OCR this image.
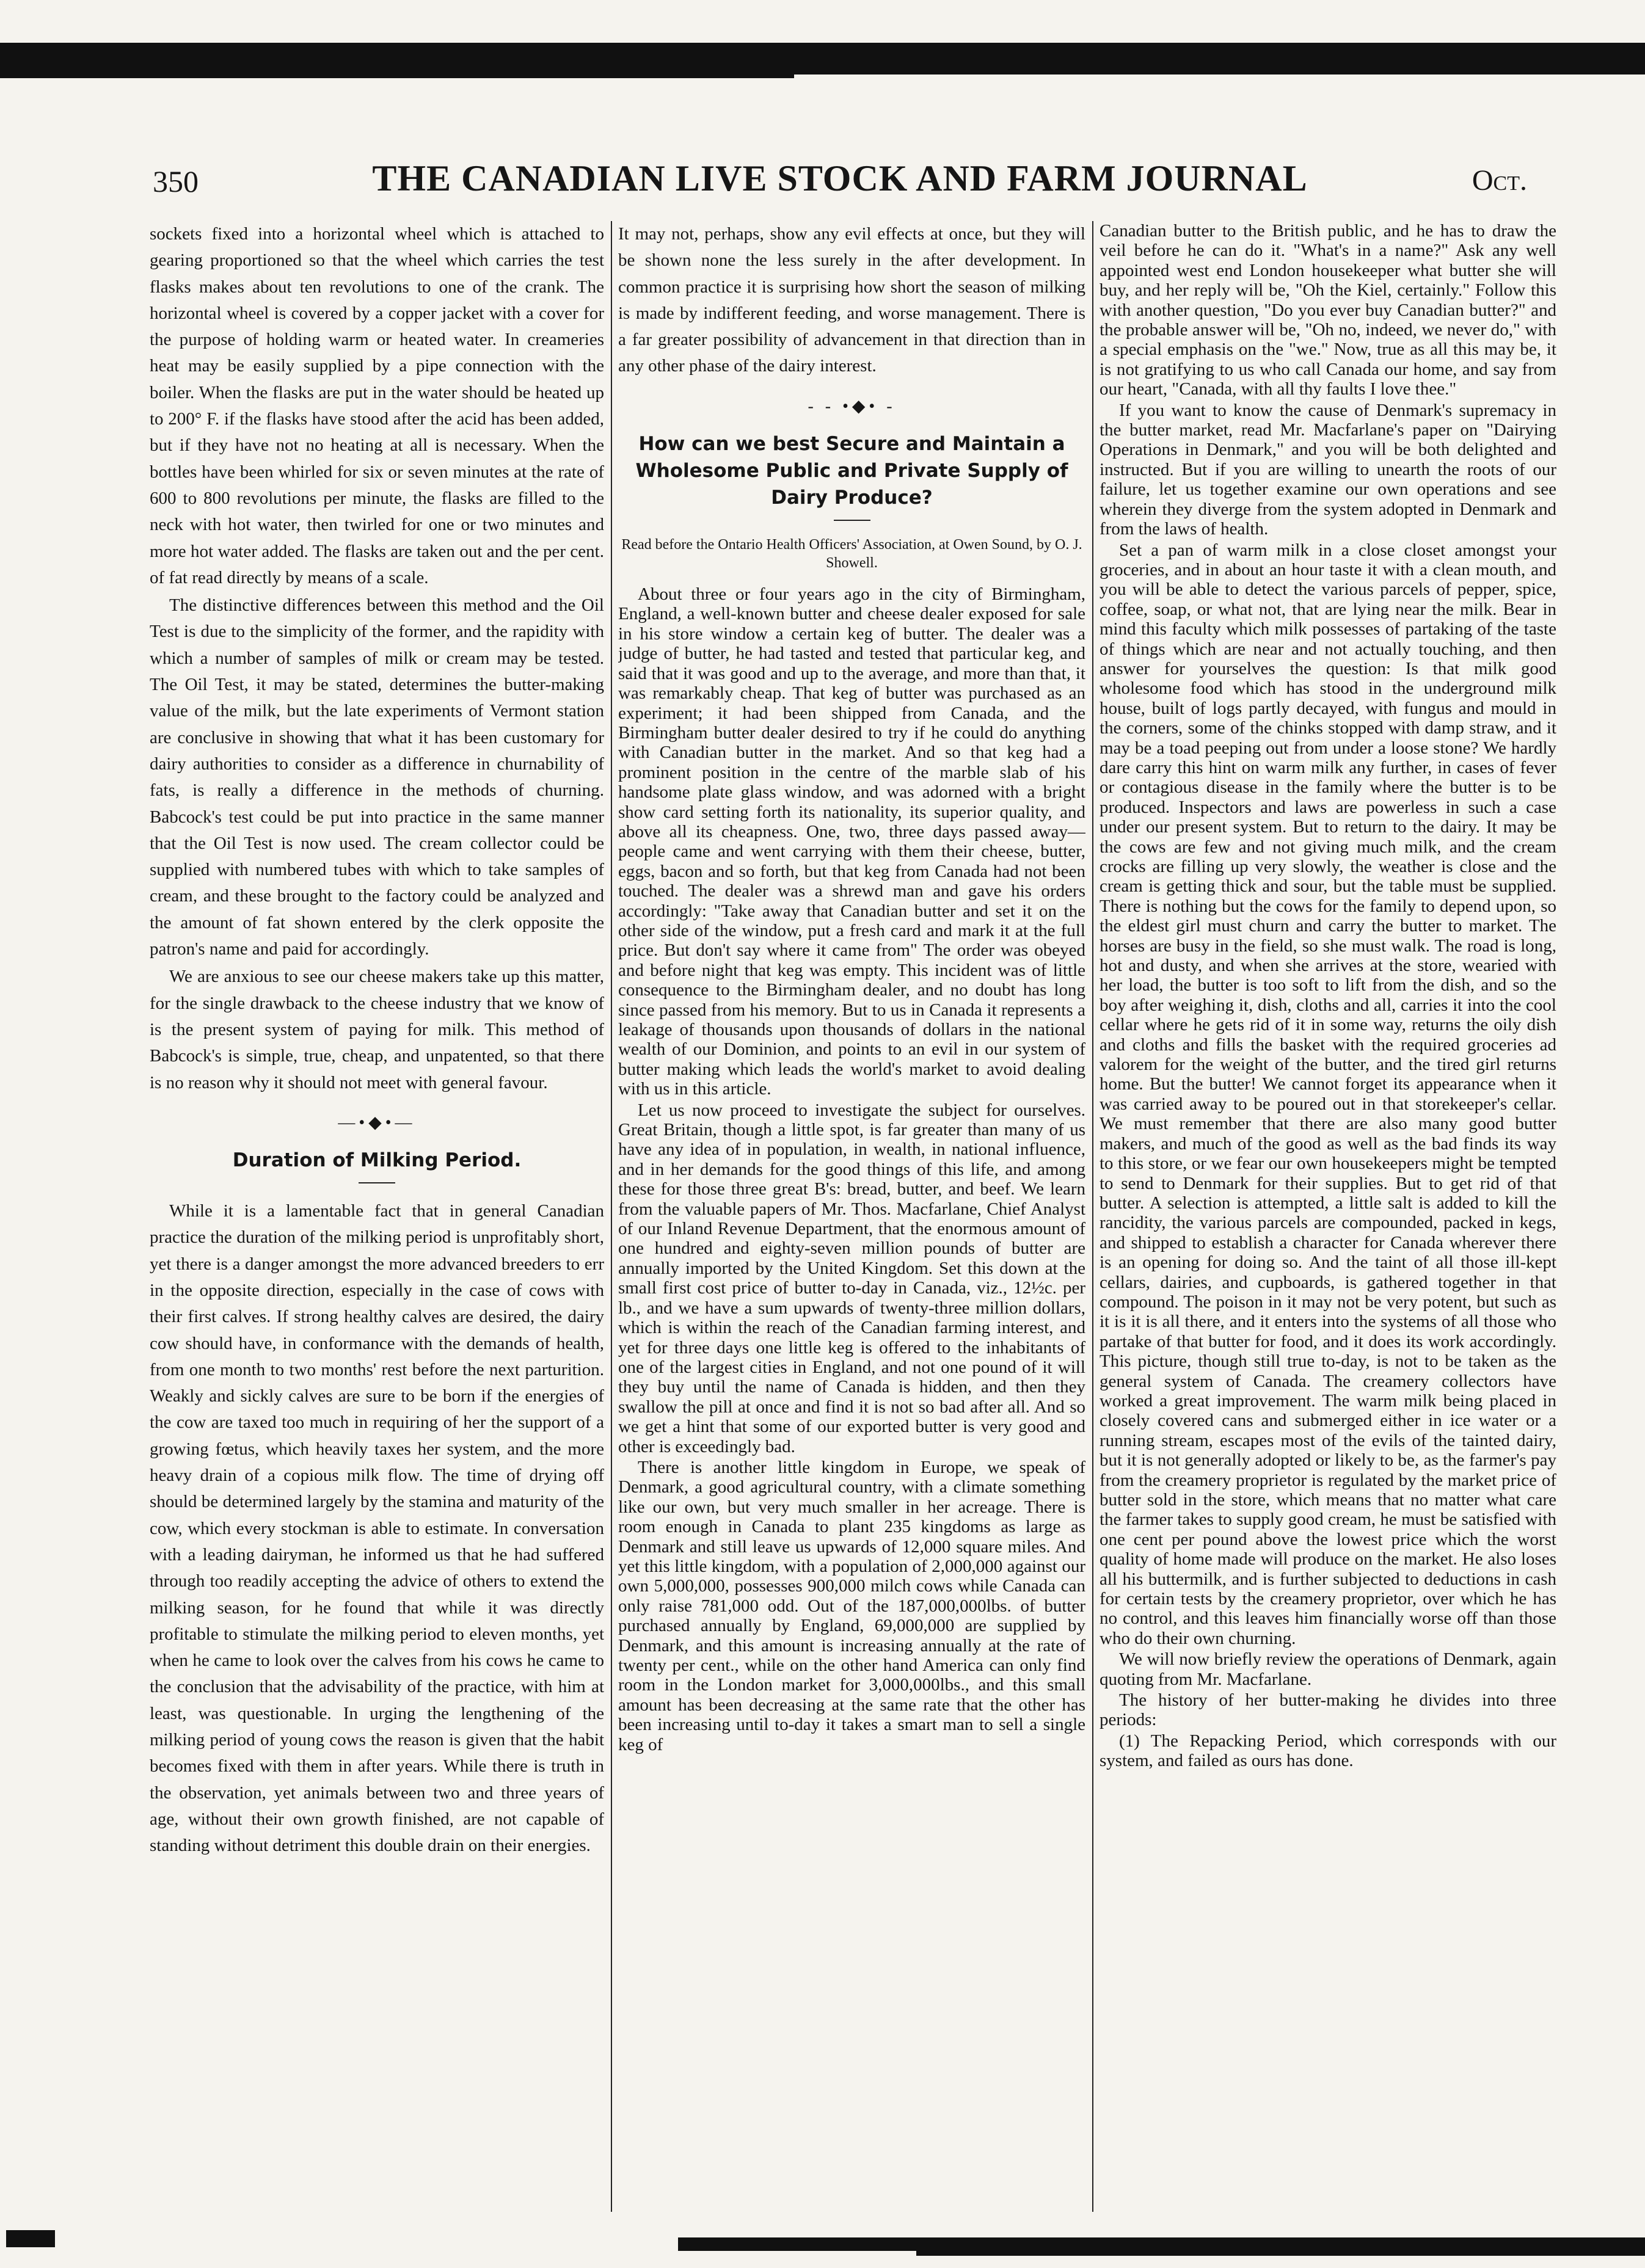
350	THE CANADIAN LIVE STOCK AND FARM JOURNAL	Oct.

sockets fixed into a horizontal wheel which is attached to gearing proportioned so that the wheel which carries the test flasks makes about ten revolutions to one of the crank. The horizontal wheel is covered by a copper jacket with a cover for the purpose of holding warm or heated water. In creameries heat may be easily supplied by a pipe connection with the boiler. When the flasks are put in the water should be heated up to 200° F. if the flasks have stood after the acid has been added, but if they have not no heating at all is necessary. When the bottles have been whirled for six or seven minutes at the rate of 600 to 800 revolutions per minute, the flasks are filled to the neck with hot water, then twirled for one or two minutes and more hot water added. The flasks are taken out and the per cent. of fat read directly by means of a scale.

The distinctive differences between this method and the Oil Test is due to the simplicity of the former, and the rapidity with which a number of samples of milk or cream may be tested. The Oil Test, it may be stated, determines the butter-making value of the milk, but the late experiments of Vermont station are conclusive in showing that what it has been customary for dairy authorities to consider as a difference in churnability of fats, is really a difference in the methods of churning. Babcock's test could be put into practice in the same manner that the Oil Test is now used. The cream collector could be supplied with numbered tubes with which to take samples of cream, and these brought to the factory could be analyzed and the amount of fat shown entered by the clerk opposite the patron's name and paid for accordingly.

We are anxious to see our cheese makers take up this matter, for the single drawback to the cheese industry that we know of is the present system of paying for milk. This method of Babcock's is simple, true, cheap, and unpatented, so that there is no reason why it should not meet with general favour.

—•◆•—
Duration of Milking Period.

While it is a lamentable fact that in general Canadian practice the duration of the milking period is unprofitably short, yet there is a danger amongst the more advanced breeders to err in the opposite direction, especially in the case of cows with their first calves. If strong healthy calves are desired, the dairy cow should have, in conformance with the demands of health, from one month to two months' rest before the next parturition. Weakly and sickly calves are sure to be born if the energies of the cow are taxed too much in requiring of her the support of a growing fœtus, which heavily taxes her system, and the more heavy drain of a copious milk flow. The time of drying off should be determined largely by the stamina and maturity of the cow, which every stockman is able to estimate. In conversation with a leading dairyman, he informed us that he had suffered through too readily accepting the advice of others to extend the milking season, for he found that while it was directly profitable to stimulate the milking period to eleven months, yet when he came to look over the calves from his cows he came to the conclusion that the advisability of the practice, with him at least, was questionable. In urging the lengthening of the milking period of young cows the reason is given that the habit becomes fixed with them in after years. While there is truth in the observation, yet animals between two and three years of age, without their own growth finished, are not capable of standing without detriment this double drain on their energies.

It may not, perhaps, show any evil effects at once, but they will be shown none the less surely in the after development. In common practice it is surprising how short the season of milking is made by indifferent feeding, and worse management. There is a far greater possibility of advancement in that direction than in any other phase of the dairy interest.

- - •◆• -
How can we best Secure and Maintain a Wholesome Public and Private Supply of Dairy Produce?
Read before the Ontario Health Officers' Association, at Owen Sound, by O. J. Showell.

About three or four years ago in the city of Birmingham, England, a well-known butter and cheese dealer exposed for sale in his store window a certain keg of butter. The dealer was a judge of butter, he had tasted and tested that particular keg, and said that it was good and up to the average, and more than that, it was remarkably cheap. That keg of butter was purchased as an experiment; it had been shipped from Canada, and the Birmingham butter dealer desired to try if he could do anything with Canadian butter in the market. And so that keg had a prominent position in the centre of the marble slab of his handsome plate glass window, and was adorned with a bright show card setting forth its nationality, its superior quality, and above all its cheapness. One, two, three days passed away—people came and went carrying with them their cheese, butter, eggs, bacon and so forth, but that keg from Canada had not been touched. The dealer was a shrewd man and gave his orders accordingly: "Take away that Canadian butter and set it on the other side of the window, put a fresh card and mark it at the full price. But don't say where it came from" The order was obeyed and before night that keg was empty. This incident was of little consequence to the Birmingham dealer, and no doubt has long since passed from his memory. But to us in Canada it represents a leakage of thousands upon thousands of dollars in the national wealth of our Dominion, and points to an evil in our system of butter making which leads the world's market to avoid dealing with us in this article.

Let us now proceed to investigate the subject for ourselves. Great Britain, though a little spot, is far greater than many of us have any idea of in population, in wealth, in national influence, and in her demands for the good things of this life, and among these for those three great B's: bread, butter, and beef. We learn from the valuable papers of Mr. Thos. Macfarlane, Chief Analyst of our Inland Revenue Department, that the enormous amount of one hundred and eighty-seven million pounds of butter are annually imported by the United Kingdom. Set this down at the small first cost price of butter to-day in Canada, viz., 12½c. per lb., and we have a sum upwards of twenty-three million dollars, which is within the reach of the Canadian farming interest, and yet for three days one little keg is offered to the inhabitants of one of the largest cities in England, and not one pound of it will they buy until the name of Canada is hidden, and then they swallow the pill at once and find it is not so bad after all. And so we get a hint that some of our exported butter is very good and other is exceedingly bad.

There is another little kingdom in Europe, we speak of Denmark, a good agricultural country, with a climate something like our own, but very much smaller in her acreage. There is room enough in Canada to plant 235 kingdoms as large as Denmark and still leave us upwards of 12,000 square miles. And yet this little kingdom, with a population of 2,000,000 against our own 5,000,000, possesses 900,000 milch cows while Canada can only raise 781,000 odd. Out of the 187,000,000lbs. of butter purchased annually by England, 69,000,000 are supplied by Denmark, and this amount is increasing annually at the rate of twenty per cent., while on the other hand America can only find room in the London market for 3,000,000lbs., and this small amount has been decreasing at the same rate that the other has been increasing until to-day it takes a smart man to sell a single keg of

Canadian butter to the British public, and he has to draw the veil before he can do it. "What's in a name?" Ask any well appointed west end London housekeeper what butter she will buy, and her reply will be, "Oh the Kiel, certainly." Follow this with another question, "Do you ever buy Canadian butter?" and the probable answer will be, "Oh no, indeed, we never do," with a special emphasis on the "we." Now, true as all this may be, it is not gratifying to us who call Canada our home, and say from our heart, "Canada, with all thy faults I love thee."

If you want to know the cause of Denmark's supremacy in the butter market, read Mr. Macfarlane's paper on "Dairying Operations in Denmark," and you will be both delighted and instructed. But if you are willing to unearth the roots of our failure, let us together examine our own operations and see wherein they diverge from the system adopted in Denmark and from the laws of health.

Set a pan of warm milk in a close closet amongst your groceries, and in about an hour taste it with a clean mouth, and you will be able to detect the various parcels of pepper, spice, coffee, soap, or what not, that are lying near the milk. Bear in mind this faculty which milk possesses of partaking of the taste of things which are near and not actually touching, and then answer for yourselves the question: Is that milk good wholesome food which has stood in the underground milk house, built of logs partly decayed, with fungus and mould in the corners, some of the chinks stopped with damp straw, and it may be a toad peeping out from under a loose stone? We hardly dare carry this hint on warm milk any further, in cases of fever or contagious disease in the family where the butter is to be produced. Inspectors and laws are powerless in such a case under our present system. But to return to the dairy. It may be the cows are few and not giving much milk, and the cream crocks are filling up very slowly, the weather is close and the cream is getting thick and sour, but the table must be supplied. There is nothing but the cows for the family to depend upon, so the eldest girl must churn and carry the butter to market. The horses are busy in the field, so she must walk. The road is long, hot and dusty, and when she arrives at the store, wearied with her load, the butter is too soft to lift from the dish, and so the boy after weighing it, dish, cloths and all, carries it into the cool cellar where he gets rid of it in some way, returns the oily dish and cloths and fills the basket with the required groceries ad valorem for the weight of the butter, and the tired girl returns home. But the butter! We cannot forget its appearance when it was carried away to be poured out in that storekeeper's cellar. We must remember that there are also many good butter makers, and much of the good as well as the bad finds its way to this store, or we fear our own housekeepers might be tempted to send to Denmark for their supplies. But to get rid of that butter. A selection is attempted, a little salt is added to kill the rancidity, the various parcels are compounded, packed in kegs, and shipped to establish a character for Canada wherever there is an opening for doing so. And the taint of all those ill-kept cellars, dairies, and cupboards, is gathered together in that compound. The poison in it may not be very potent, but such as it is it is all there, and it enters into the systems of all those who partake of that butter for food, and it does its work accordingly. This picture, though still true to-day, is not to be taken as the general system of Canada. The creamery collectors have worked a great improvement. The warm milk being placed in closely covered cans and submerged either in ice water or a running stream, escapes most of the evils of the tainted dairy, but it is not generally adopted or likely to be, as the farmer's pay from the creamery proprietor is regulated by the market price of butter sold in the store, which means that no matter what care the farmer takes to supply good cream, he must be satisfied with one cent per pound above the lowest price which the worst quality of home made will produce on the market. He also loses all his buttermilk, and is further subjected to deductions in cash for certain tests by the creamery proprietor, over which he has no control, and this leaves him financially worse off than those who do their own churning.

We will now briefly review the operations of Denmark, again quoting from Mr. Macfarlane.

The history of her butter-making he divides into three periods:

(1) The Repacking Period, which corresponds with our system, and failed as ours has done.
